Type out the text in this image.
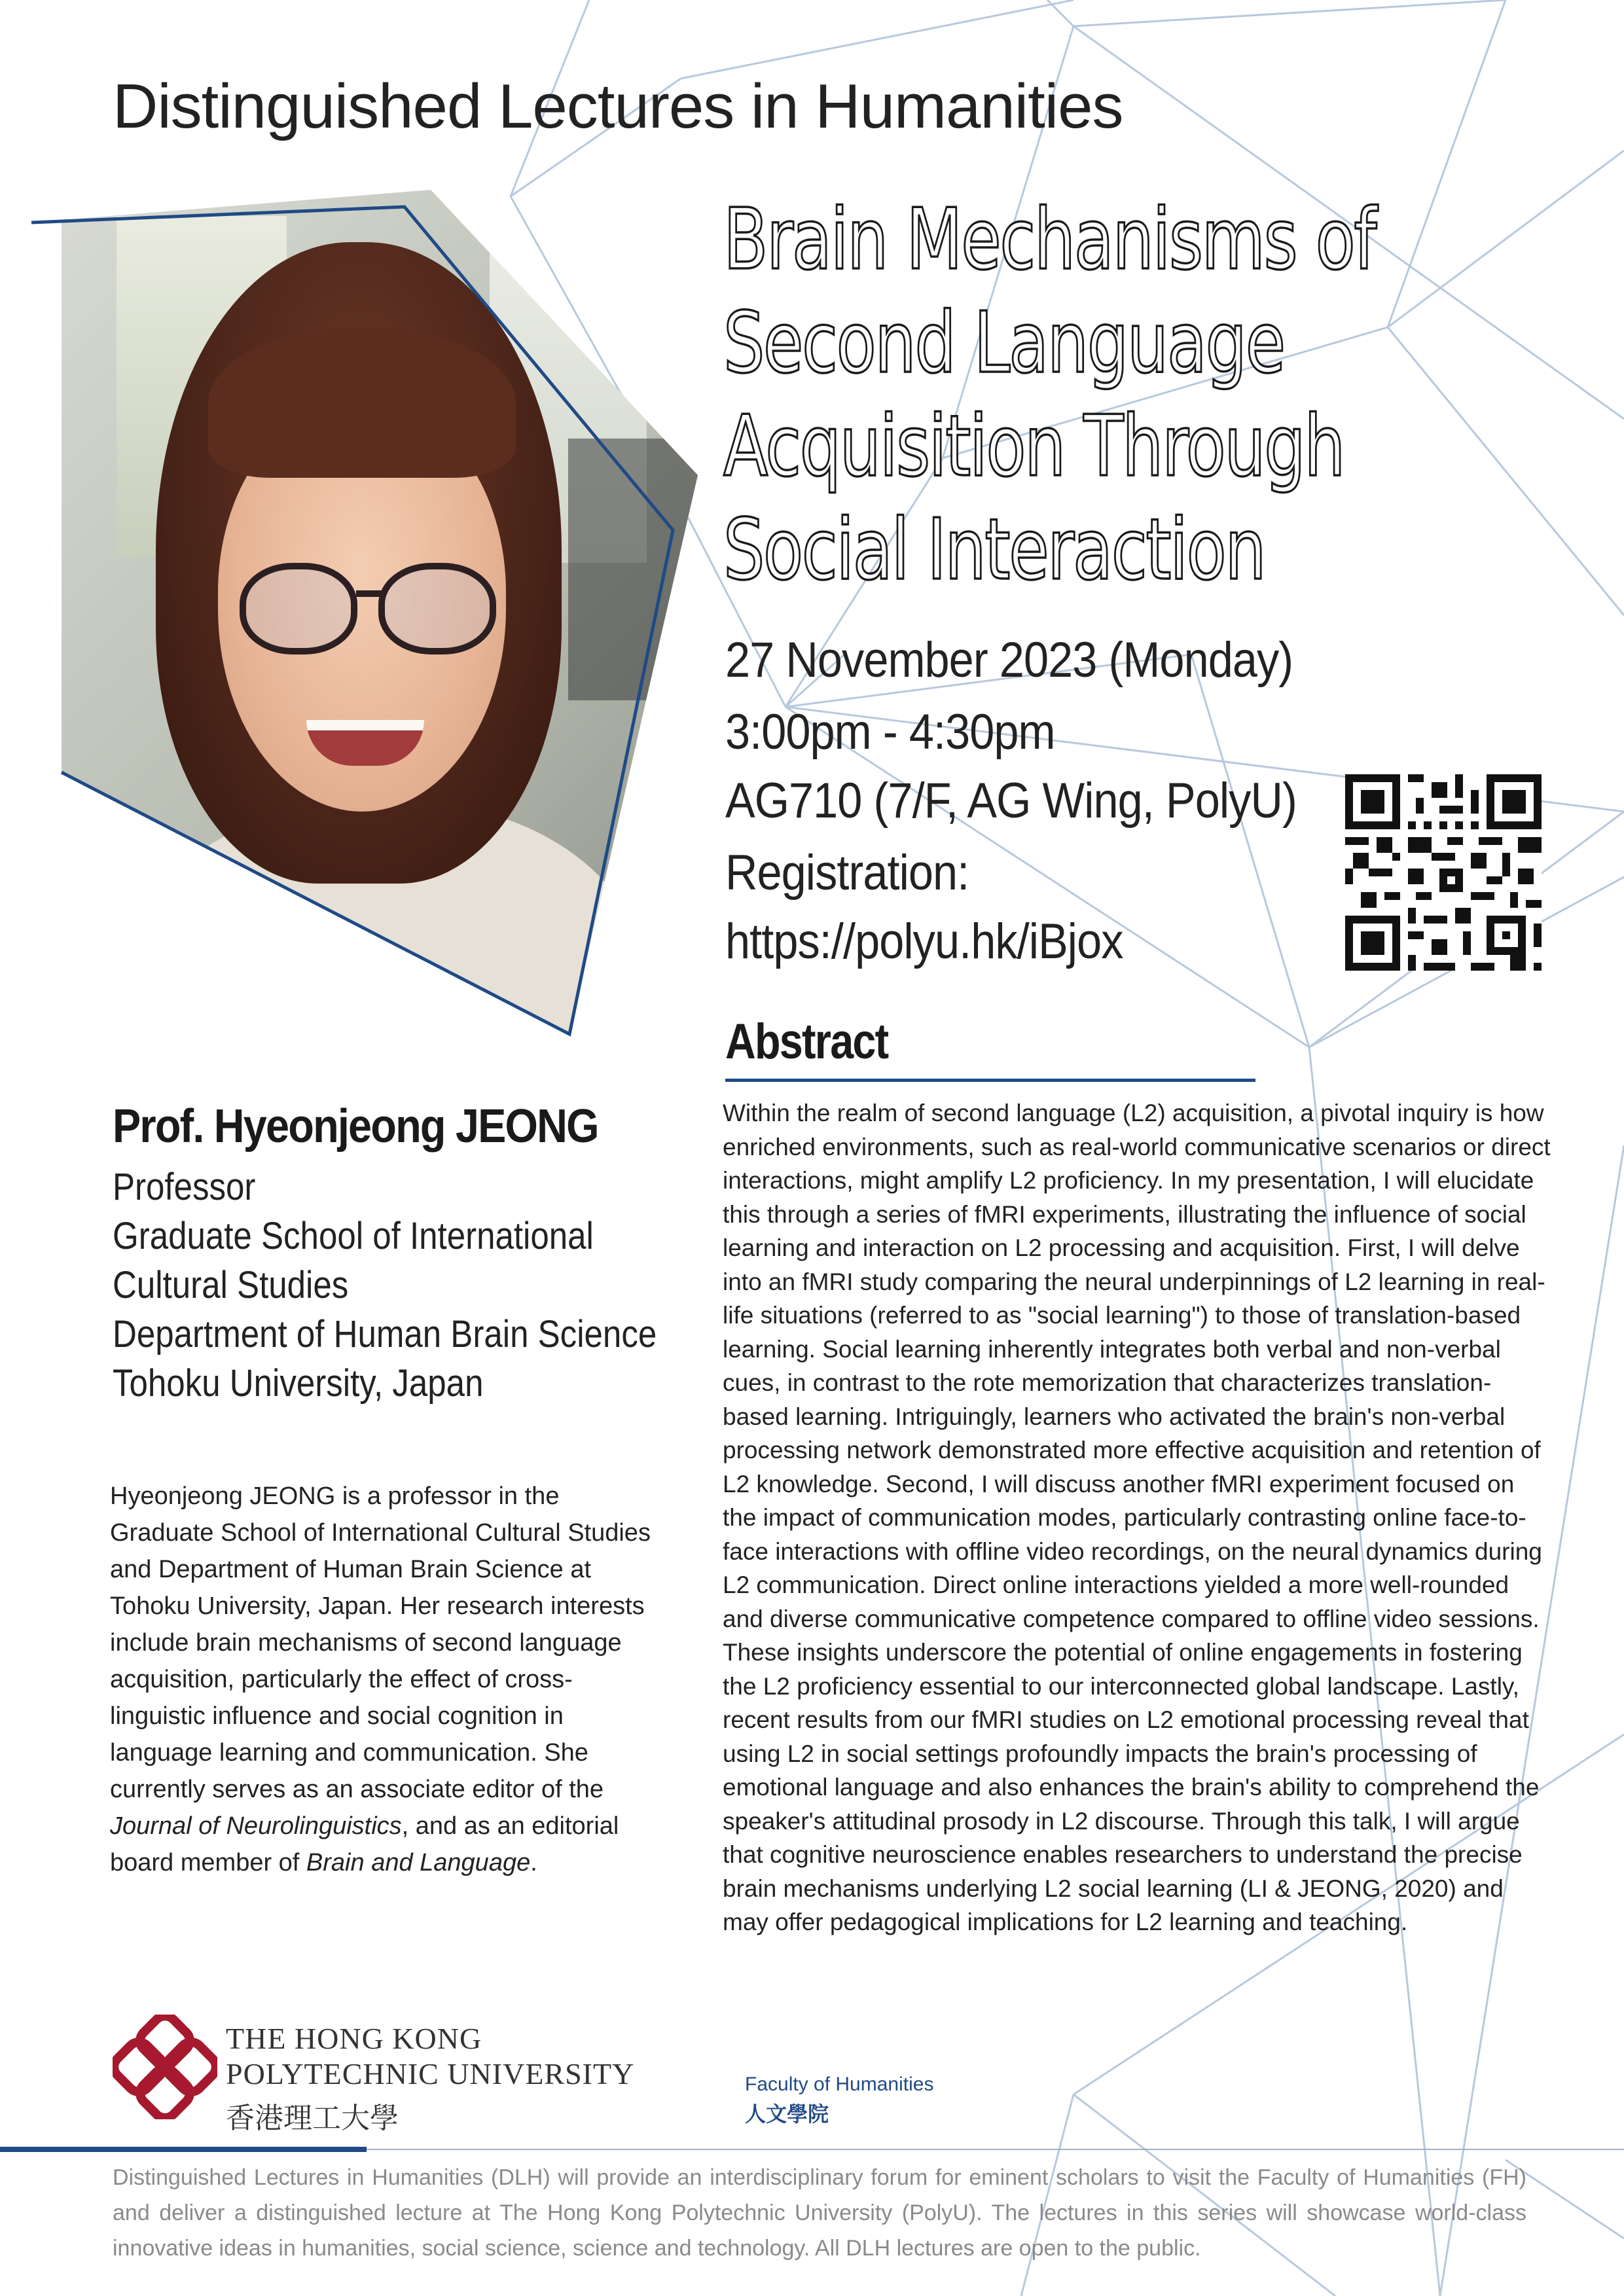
Distinguished Lectures in Humanities
Brain Mechanisms of
Second Language
Acquisition Through
Social Interaction
27 November 2023 (Monday)
3:00pm - 4:30pm
AG710 (7/F, AG Wing, PolyU)
Registration:
https://polyu.hk/iBjox
Abstract

Within the realm of second language (L2) acquisition, a pivotal inquiry is how enriched environments, such as real-world communicative scenarios or direct interactions, might amplify L2 proficiency. In my presentation, I will elucidate this through a series of fMRI experiments, illustrating the influence of social learning and interaction on L2 processing and acquisition. First, I will delve into an fMRI study comparing the neural underpinnings of L2 learning in real-life situations (referred to as "social learning") to those of translation-based learning. Social learning inherently integrates both verbal and non-verbal cues, in contrast to the rote memorization that characterizes translation-based learning. Intriguingly, learners who activated the brain's non-verbal processing network demonstrated more effective acquisition and retention of L2 knowledge. Second, I will discuss another fMRI experiment focused on the impact of communication modes, particularly contrasting online face-to-face interactions with offline video recordings, on the neural dynamics during L2 communication. Direct online interactions yielded a more well-rounded and diverse communicative competence compared to offline video sessions. These insights underscore the potential of online engagements in fostering the L2 proficiency essential to our interconnected global landscape. Lastly, recent results from our fMRI studies on L2 emotional processing reveal that using L2 in social settings profoundly impacts the brain's processing of emotional language and also enhances the brain's ability to comprehend the speaker's attitudinal prosody in L2 discourse. Through this talk, I will argue that cognitive neuroscience enables researchers to understand the precise brain mechanisms underlying L2 social learning (LI & JEONG, 2020) and may offer pedagogical implications for L2 learning and teaching.

Prof. Hyeonjeong JEONG
Professor
Graduate School of International
Cultural Studies
Department of Human Brain Science
Tohoku University, Japan

Hyeonjeong JEONG is a professor in the Graduate School of International Cultural Studies and Department of Human Brain Science at Tohoku University, Japan. Her research interests include brain mechanisms of second language acquisition, particularly the effect of cross-linguistic influence and social cognition in language learning and communication. She currently serves as an associate editor of the Journal of Neurolinguistics, and as an editorial board member of Brain and Language.

THE HONG KONG
POLYTECHNIC UNIVERSITY
香港理工大學
Faculty of Humanities
人文學院

Distinguished Lectures in Humanities (DLH) will provide an interdisciplinary forum for eminent scholars to visit the Faculty of Humanities (FH) and deliver a distinguished lecture at The Hong Kong Polytechnic University (PolyU). The lectures in this series will showcase world-class innovative ideas in humanities, social science, science and technology. All DLH lectures are open to the public.
